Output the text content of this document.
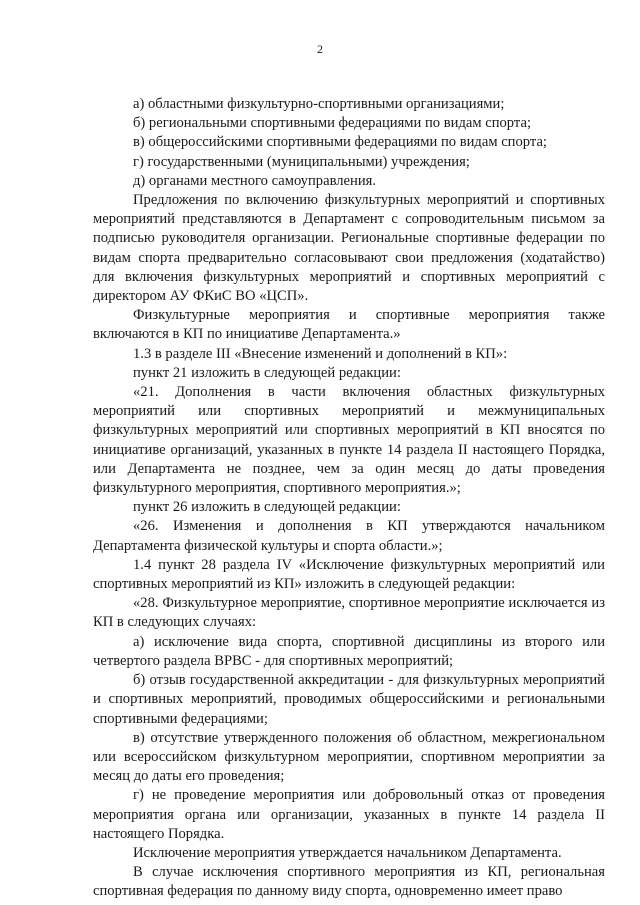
2

а) областными физкультурно-спортивными организациями;

б) региональными спортивными федерациями по видам спорта;

в) общероссийскими спортивными федерациями по видам спорта;

г) государственными (муниципальными) учреждения;

д) органами местного самоуправления.

Предложения по включению физкультурных мероприятий и спортивных мероприятий представляются в Департамент с сопроводительным письмом за подписью руководителя организации. Региональные спортивные федерации по видам спорта предварительно согласовывают свои предложения (ходатайство) для включения физкультурных мероприятий и спортивных мероприятий с директором АУ ФКиС ВО «ЦСП».

Физкультурные мероприятия и спортивные мероприятия также включаются в КП по инициативе Департамента.»

1.3 в разделе III «Внесение изменений и дополнений в КП»:

пункт 21 изложить в следующей редакции:

«21. Дополнения в части включения областных физкультурных мероприятий или спортивных мероприятий и межмуниципальных физкультурных мероприятий или спортивных мероприятий в КП вносятся по инициативе организаций, указанных в пункте 14 раздела II настоящего Порядка, или Департамента не позднее, чем за один месяц до даты проведения физкультурного мероприятия, спортивного мероприятия.»;

пункт 26 изложить в следующей редакции:

«26. Изменения и дополнения в КП утверждаются начальником Департамента физической культуры и спорта области.»;

1.4 пункт 28 раздела IV «Исключение физкультурных мероприятий или спортивных мероприятий из КП» изложить в следующей редакции:

«28. Физкультурное мероприятие, спортивное мероприятие исключается из КП в следующих случаях:

а) исключение вида спорта, спортивной дисциплины из второго или четвертого раздела ВРВС - для спортивных мероприятий;

б) отзыв государственной аккредитации - для физкультурных мероприятий и спортивных мероприятий, проводимых общероссийскими и региональными спортивными федерациями;

в) отсутствие утвержденного положения об областном, межрегиональном или всероссийском физкультурном мероприятии, спортивном мероприятии за месяц до даты его проведения;

г) не проведение мероприятия или добровольный отказ от проведения мероприятия органа или организации, указанных в пункте 14 раздела II настоящего Порядка.

Исключение мероприятия утверждается начальником Департамента.

В случае исключения спортивного мероприятия из КП, региональная спортивная федерация по данному виду спорта, одновременно имеет право
